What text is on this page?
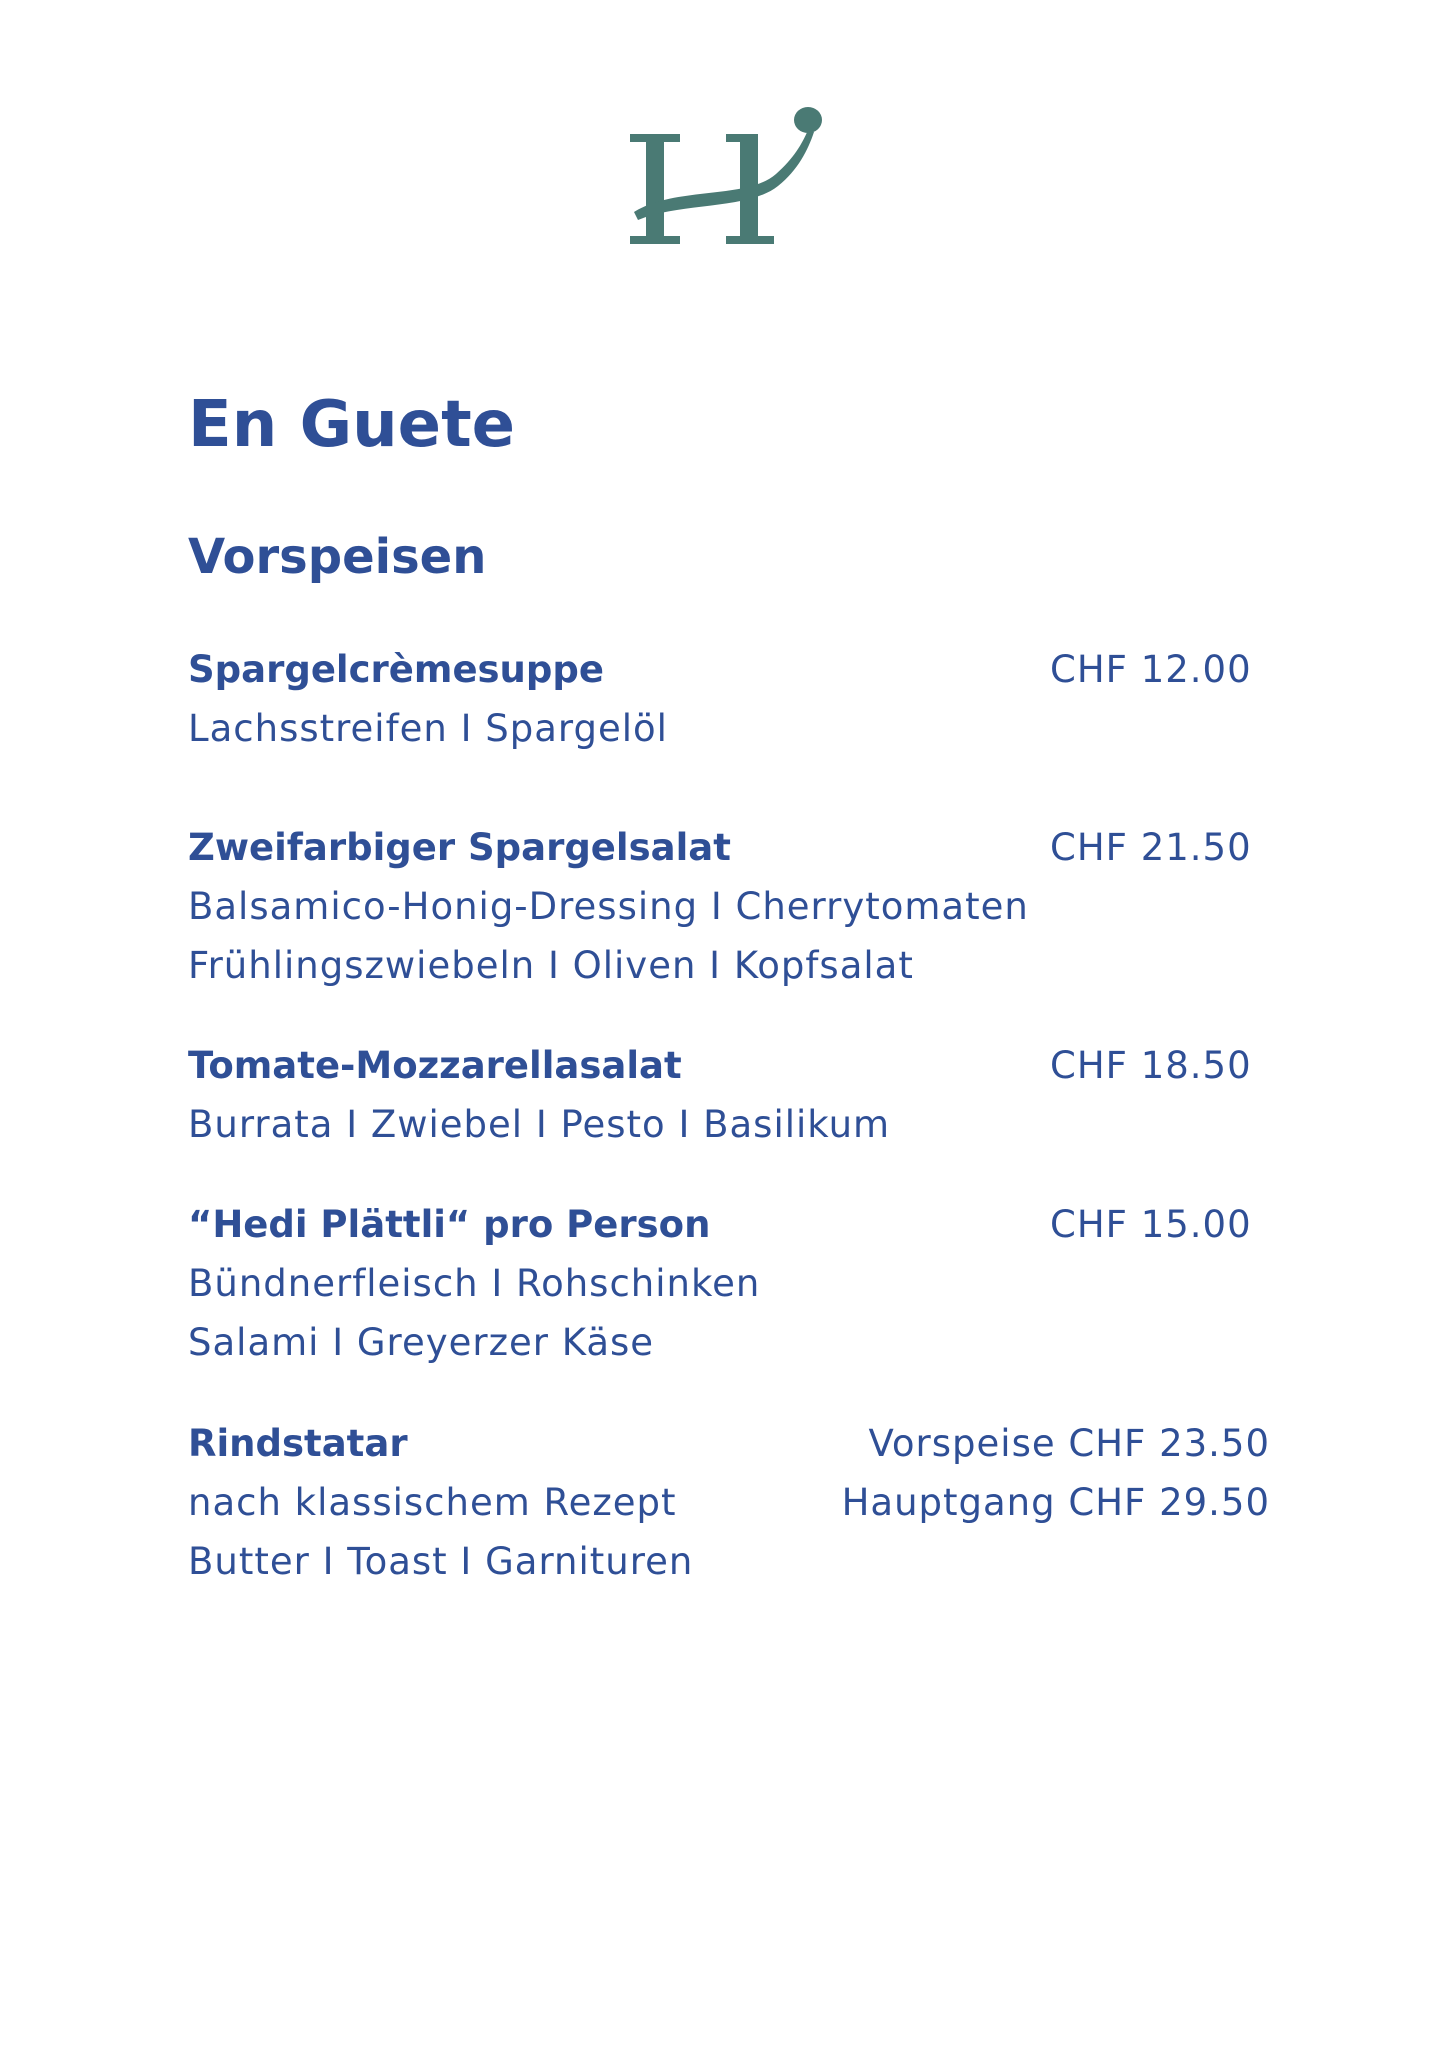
En Guete
Vorspeisen
Spargelcrèmesuppe	CHF 12.00
Lachsstreifen I Spargelöl
Zweifarbiger Spargelsalat	CHF 21.50
Balsamico-Honig-Dressing I Cherrytomaten
Frühlingszwiebeln I Oliven I Kopfsalat
Tomate-Mozzarellasalat	CHF 18.50
Burrata I Zwiebel I Pesto I Basilikum
“Hedi Plättli“ pro Person	CHF 15.00
Bündnerfleisch I Rohschinken
Salami I Greyerzer Käse
Rindstatar	Vorspeise CHF 23.50
nach klassischem Rezept	Hauptgang CHF 29.50
Butter I Toast I Garnituren
